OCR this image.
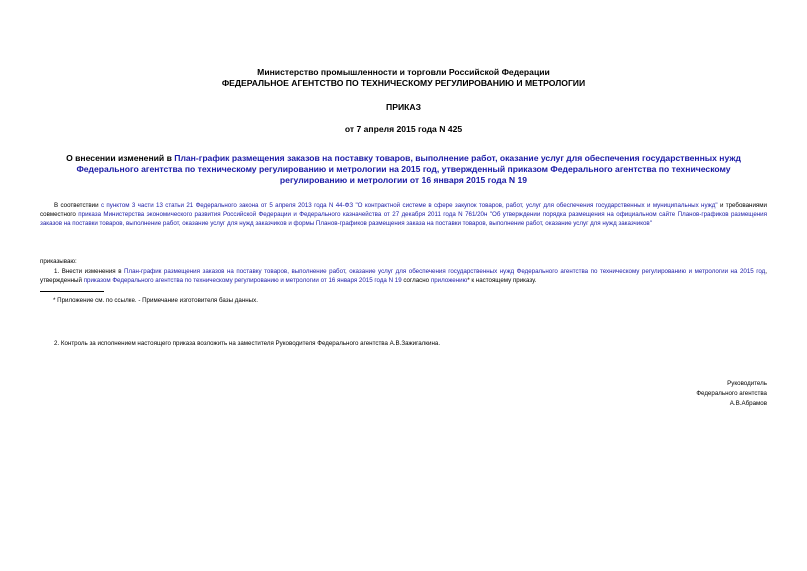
Министерство промышленности и торговли Российской Федерации
ФЕДЕРАЛЬНОЕ АГЕНТСТВО ПО ТЕХНИЧЕСКОМУ РЕГУЛИРОВАНИЮ И МЕТРОЛОГИИ
ПРИКАЗ
от 7 апреля 2015 года N 425
О внесении изменений в План-график размещения заказов на поставку товаров, выполнение работ, оказание услуг для обеспечения государственных нужд Федерального агентства по техническому регулированию и метрологии на 2015 год, утвержденный приказом Федерального агентства по техническому регулированию и метрологии от 16 января 2015 года N 19
В соответствии с пунктом 3 части 13 статьи 21 Федерального закона от 5 апреля 2013 года N 44-ФЗ "О контрактной системе в сфере закупок товаров, работ, услуг для обеспечения государственных и муниципальных нужд" и требованиями совместного приказа Министерства экономического развития Российской Федерации и Федерального казначейства от 27 декабря 2011 года N 761/20н "Об утверждении порядка размещения на официальном сайте Планов-графиков размещения заказов на поставки товаров, выполнение работ, оказание услуг для нужд заказчиков и формы Планов-графиков размещения заказа на поставки товаров, выполнение работ, оказание услуг для нужд заказчиков"
приказываю:
1. Внести изменения в План-график размещения заказов на поставку товаров, выполнение работ, оказание услуг для обеспечения государственных нужд Федерального агентства по техническому регулированию и метрологии на 2015 год, утвержденный приказом Федерального агентства по техническому регулированию и метрологии от 16 января 2015 года N 19 согласно приложению* к настоящему приказу.
* Приложение см. по ссылке. - Примечание изготовителя базы данных.
2. Контроль за исполнением настоящего приказа возложить на заместителя Руководителя Федерального агентства А.В.Зажигалкина.
Руководитель
Федерального агентства
А.В.Абрамов
